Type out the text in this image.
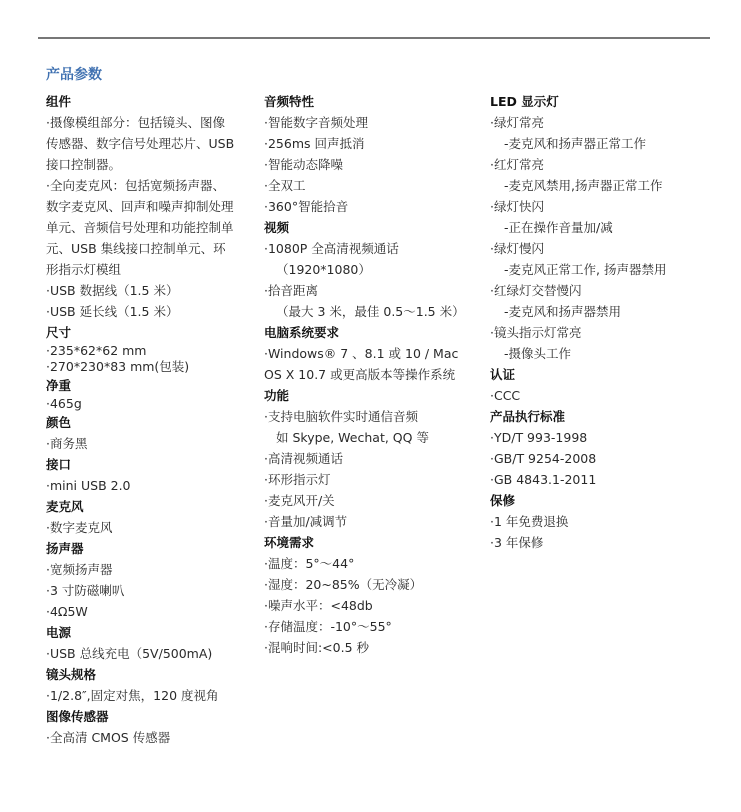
产品参数
组件
·摄像模组部分：包括镜头、图像
传感器、数字信号处理芯片、USB
接口控制器。
·全向麦克风：包括宽频扬声器、
数字麦克风、回声和噪声抑制处理
单元、音频信号处理和功能控制单
元、USB 集线接口控制单元、环
形指示灯模组
·USB 数据线（1.5 米）
·USB 延长线（1.5 米）
尺寸
·235*62*62 mm
·270*230*83 mm(包装)
净重
·465g
颜色
·商务黑
接口
·mini USB 2.0
麦克风
·数字麦克风
扬声器
·宽频扬声器
·3 寸防磁喇叭
·4Ω5W
电源
·USB 总线充电（5V/500mA)
镜头规格
·1/2.8″,固定对焦，120 度视角
图像传感器
·全高清 CMOS 传感器
音频特性
·智能数字音频处理
·256ms 回声抵消
·智能动态降噪
·全双工
·360°智能拾音
视频
·1080P 全高清视频通话
（1920*1080）
·拾音距离
（最大 3 米，最佳 0.5～1.5 米）
电脑系统要求
·Windows® 7 、8.1 或 10 / Mac
OS X 10.7 或更高版本等操作系统
功能
·支持电脑软件实时通信音频
如 Skype, Wechat, QQ 等
·高清视频通话
·环形指示灯
·麦克风开/关
·音量加/减调节
环境需求
·温度：5°～44°
·湿度：20~85%（无冷凝）
·噪声水平：<48db
·存储温度：-10°～55°
·混响时间:<0.5 秒
LED 显示灯
·绿灯常亮
-麦克风和扬声器正常工作
·红灯常亮
-麦克风禁用,扬声器正常工作
·绿灯快闪
-正在操作音量加/减
·绿灯慢闪
-麦克风正常工作, 扬声器禁用
·红绿灯交替慢闪
-麦克风和扬声器禁用
·镜头指示灯常亮
-摄像头工作
认证
·CCC
产品执行标准
·YD/T 993-1998
·GB/T 9254-2008
·GB 4843.1-2011
保修
·1 年免费退换
·3 年保修
